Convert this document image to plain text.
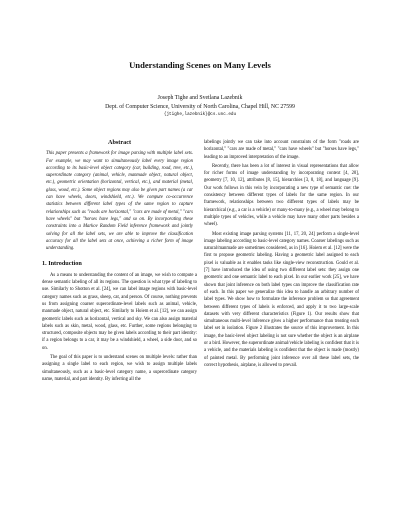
Understanding Scenes on Many Levels
Joseph Tighe and Svetlana Lazebnik
Dept. of Computer Science, University of North Carolina, Chapel Hill, NC 27599
{jtighe,lazebnik}@cs.unc.edu
Abstract

This paper presents a framework for image parsing with multiple label sets. For example, we may want to simultaneously label every image region according to its basic-level object category (car, building, road, tree, etc.), superordinate category (animal, vehicle, manmade object, natural object, etc.), geometric orientation (horizontal, vertical, etc.), and material (metal, glass, wood, etc.). Some object regions may also be given part names (a car can have wheels, doors, windshield, etc.). We compute co-occurrence statistics between different label types of the same region to capture relationships such as "roads are horizontal," "cars are made of metal," "cars have wheels" but "horses have legs," and so on. By incorporating these constraints into a Markov Random Field inference framework and jointly solving for all the label sets, we are able to improve the classification accuracy for all the label sets at once, achieving a richer form of image understanding.

1. Introduction

As a means to understanding the content of an image, we wish to compute a dense semantic labeling of all its regions. The question is what type of labeling to use. Similarly to Shotton et al. [24], we can label image regions with basic-level category names such as grass, sheep, cat, and person. Of course, nothing prevents us from assigning coarser superordinate-level labels such as animal, vehicle, manmade object, natural object, etc. Similarly to Hoiem et al. [12], we can assign geometric labels such as horizontal, vertical and sky. We can also assign material labels such as skin, metal, wood, glass, etc. Further, some regions belonging to structured, composite objects may be given labels according to their part identity: if a region belongs to a car, it may be a windshield, a wheel, a side door, and so on.

The goal of this paper is to understand scenes on multiple levels: rather than assigning a single label to each region, we wish to assign multiple labels simultaneously, such as a basic-level category name, a superordinate category name, material, and part identity. By inferring all the

labelings jointly we can take into account constraints of the form "roads are horizontal," "cars are made of metal," "cars have wheels" but "horses have legs," leading to an improved interpretation of the image.

Recently, there has been a lot of interest in visual representations that allow for richer forms of image understanding by incorporating context [4, 20], geometry [7, 10, 12], attributes [8, 15], hierarchies [3, 8, 18], and language [9]. Our work follows in this vein by incorporating a new type of semantic cue: the consistency between different types of labels for the same region. In our framework, relationships between two different types of labels may be hierarchical (e.g., a car is a vehicle) or many-to-many (e.g., a wheel may belong to multiple types of vehicles, while a vehicle may have many other parts besides a wheel).

Most existing image parsing systems [11, 17, 20, 24] perform a single-level image labeling according to basic-level category names. Coarser labelings such as natural/manmade are sometimes considered, as in [16]. Hoiem et al. [12] were the first to propose geometric labeling. Having a geometric label assigned to each pixel is valuable as it enables tasks like single-view reconstruction. Gould et al. [7] have introduced the idea of using two different label sets: they assign one geometric and one semantic label to each pixel. In our earlier work [25], we have shown that joint inference on both label types can improve the classification rate of each. In this paper we generalize this idea to handle an arbitrary number of label types. We show how to formulate the inference problem so that agreement between different types of labels is enforced, and apply it to two large-scale datasets with very different characteristics (Figure 1). Our results show that simultaneous multi-level inference gives a higher performance than treating each label set in isolation. Figure 2 illustrates the source of this improvement. In this image, the basic-level object labeling is not sure whether the object is an airplane or a bird. However, the superordinate animal/vehicle labeling is confident that it is a vehicle, and the materials labeling is confident that the object is made (mostly) of painted metal. By performing joint inference over all these label sets, the correct hypothesis, airplane, is allowed to prevail.
